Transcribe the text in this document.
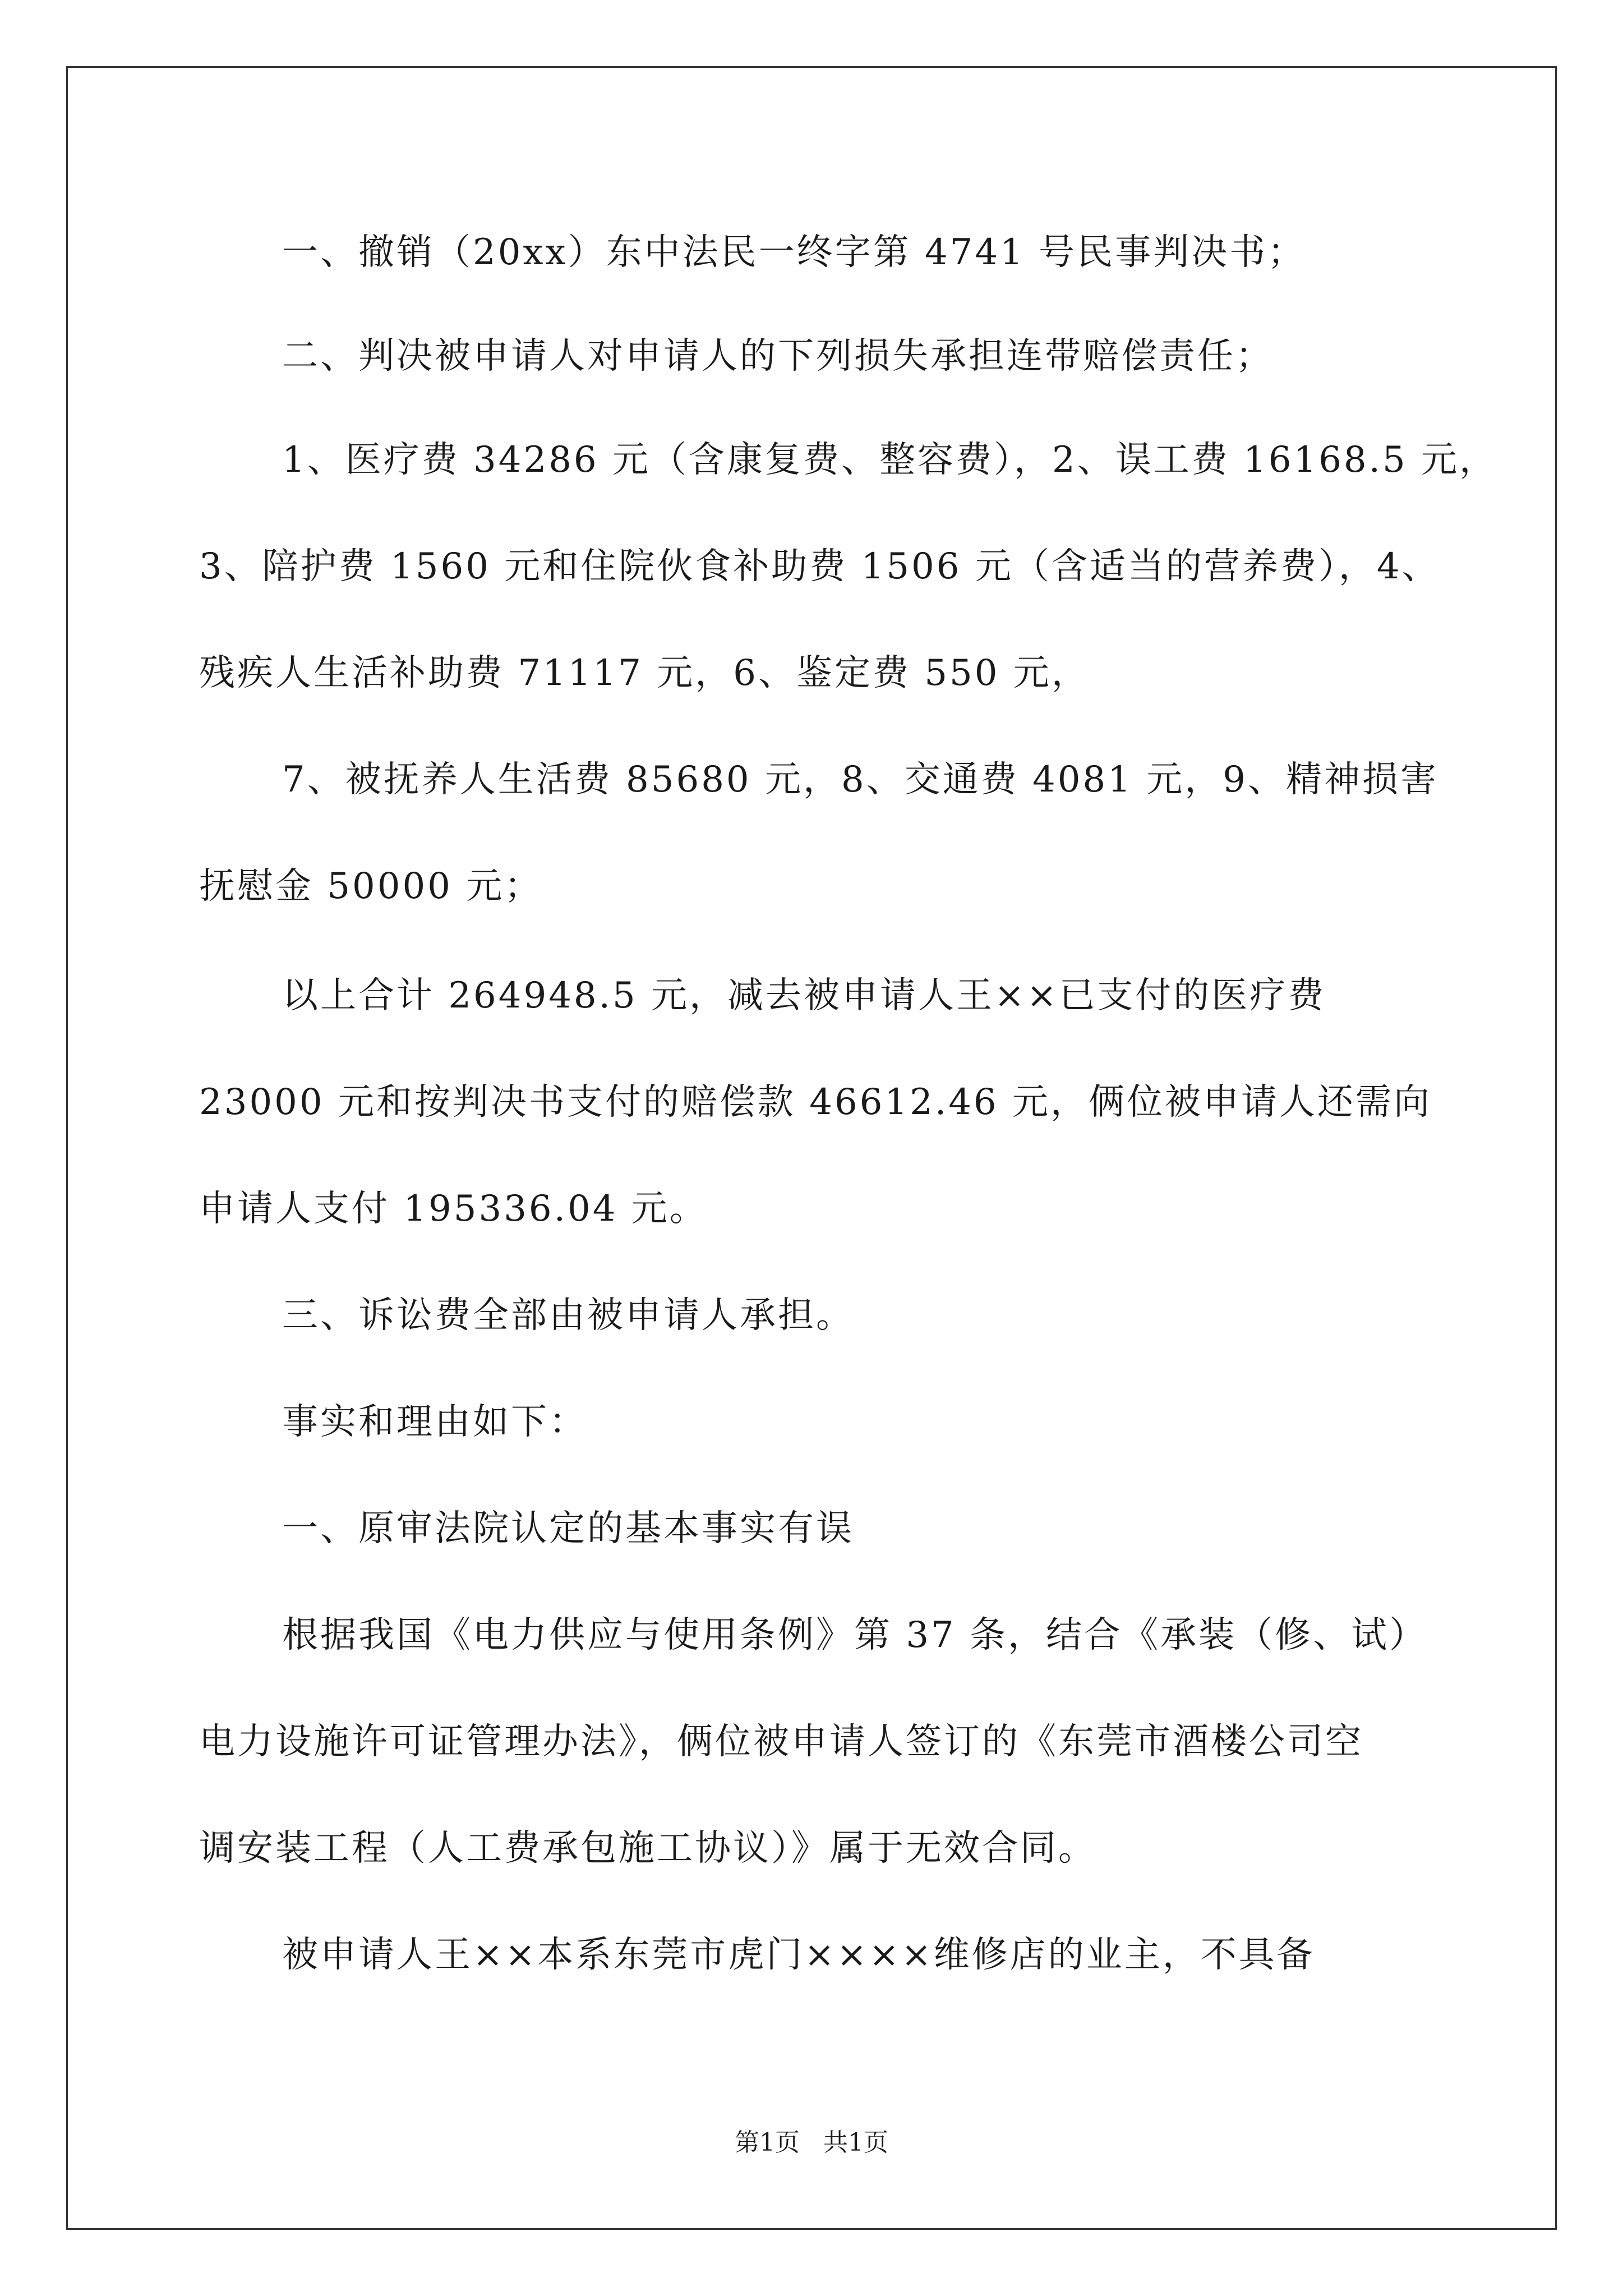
一、撤销（20xx）东中法民一终字第 4741 号民事判决书；
二、判决被申请人对申请人的下列损失承担连带赔偿责任；
1、医疗费 34286 元（含康复费、整容费），2、误工费 16168.5 元，
3、陪护费 1560 元和住院伙食补助费 1506 元（含适当的营养费），4、
残疾人生活补助费 71117 元，6、鉴定费 550 元，
7、被抚养人生活费 85680 元，8、交通费 4081 元，9、精神损害
抚慰金 50000 元；
以上合计 264948.5 元，减去被申请人王××已支付的医疗费
23000 元和按判决书支付的赔偿款 46612.46 元，俩位被申请人还需向
申请人支付 195336.04 元。
三、诉讼费全部由被申请人承担。
事实和理由如下：
一、原审法院认定的基本事实有误
根据我国《电力供应与使用条例》第 37 条，结合《承装（修、试）
电力设施许可证管理办法》，俩位被申请人签订的《东莞市酒楼公司空
调安装工程（人工费承包施工协议）》属于无效合同。
被申请人王××本系东莞市虎门××××维修店的业主，不具备
第1页   共1页
